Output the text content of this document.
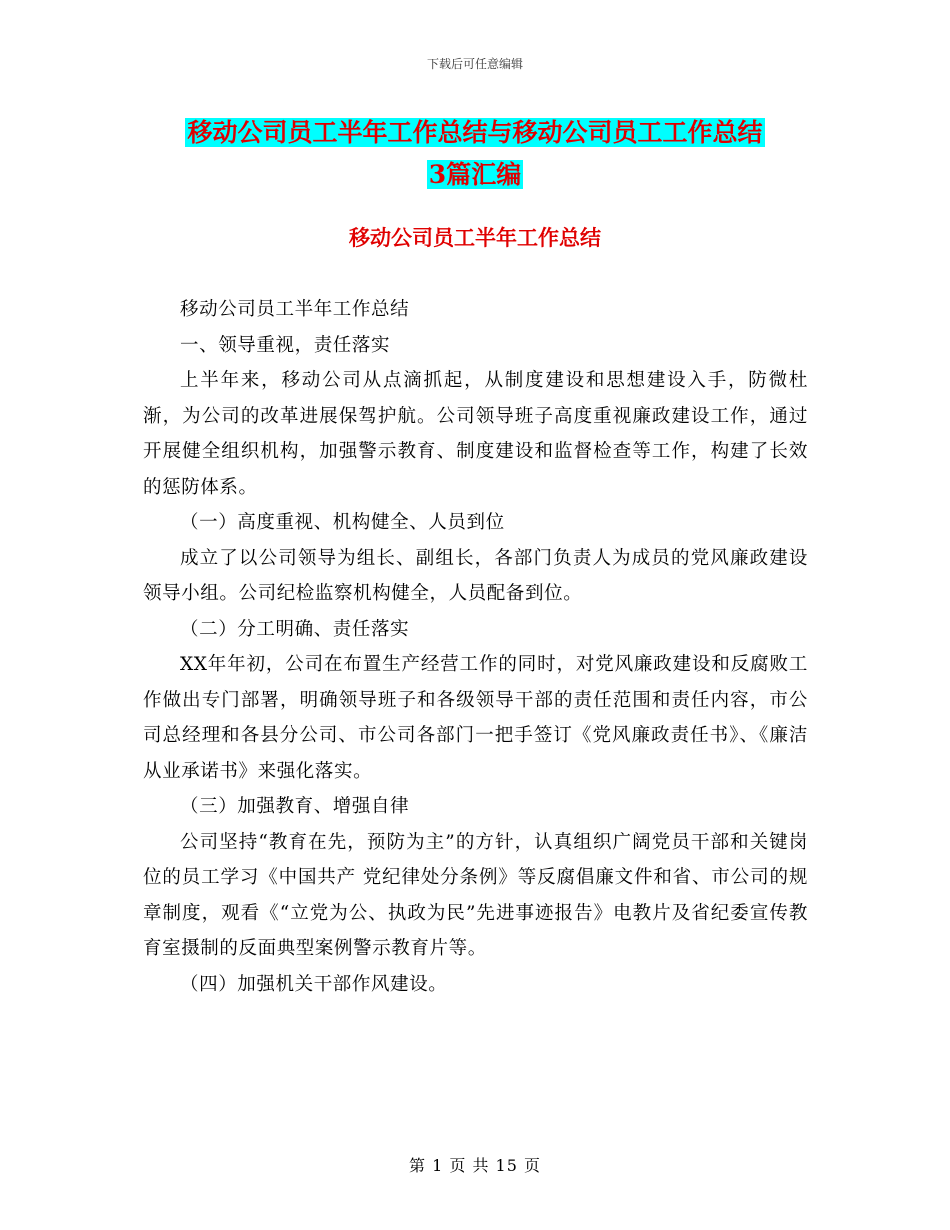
下载后可任意编辑
移动公司员工半年工作总结与移动公司员工工作总结
3篇汇编
移动公司员工半年工作总结

移动公司员工半年工作总结

一、领导重视，责任落实

上半年来，移动公司从点滴抓起，从制度建设和思想建设入手，防微杜渐，为公司的改革进展保驾护航。公司领导班子高度重视廉政建设工作，通过开展健全组织机构，加强警示教育、制度建设和监督检查等工作，构建了长效的惩防体系。

（一）高度重视、机构健全、人员到位

成立了以公司领导为组长、副组长，各部门负责人为成员的党风廉政建设领导小组。公司纪检监察机构健全，人员配备到位。

（二）分工明确、责任落实

XX年年初，公司在布置生产经营工作的同时，对党风廉政建设和反腐败工作做出专门部署，明确领导班子和各级领导干部的责任范围和责任内容，市公司总经理和各县分公司、市公司各部门一把手签订《党风廉政责任书》、《廉洁从业承诺书》来强化落实。

（三）加强教育、增强自律

公司坚持“教育在先，预防为主”的方针，认真组织广阔党员干部和关键岗位的员工学习《中国共产 党纪律处分条例》等反腐倡廉文件和省、市公司的规章制度，观看《“立党为公、执政为民”先进事迹报告》电教片及省纪委宣传教育室摄制的反面典型案例警示教育片等。

（四）加强机关干部作风建设。

第 1 页 共 15 页
